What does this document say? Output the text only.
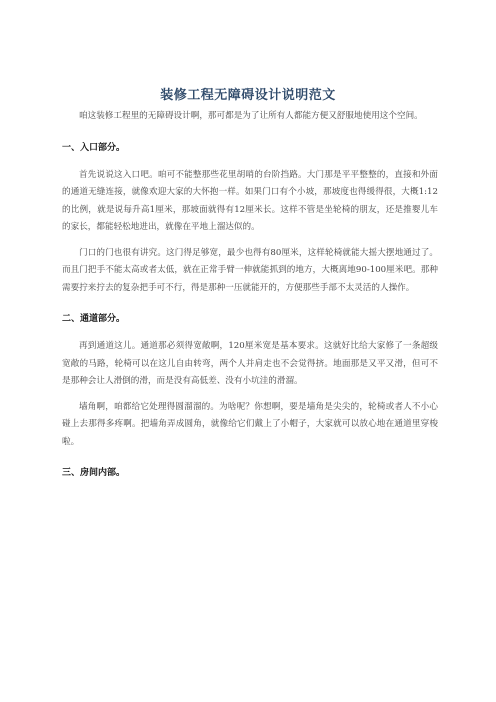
装修工程无障碍设计说明范文

咱这装修工程里的无障碍设计啊，那可都是为了让所有人都能方便又舒服地使用这个空间。

一、入口部分。

首先说说这入口吧。咱可不能整那些花里胡哨的台阶挡路。大门那是平平整整的，直接和外面的通道无缝连接，就像欢迎大家的大怀抱一样。如果门口有个小坡，那坡度也得缓得很，大概1:12的比例，就是说每升高1厘米，那坡面就得有12厘米长。这样不管是坐轮椅的朋友，还是推婴儿车的家长，都能轻松地进出，就像在平地上溜达似的。

门口的门也很有讲究。这门得足够宽，最少也得有80厘米，这样轮椅就能大摇大摆地通过了。而且门把手不能太高或者太低，就在正常手臂一伸就能抓到的地方，大概离地90-100厘米吧。那种需要拧来拧去的复杂把手可不行，得是那种一压就能开的，方便那些手部不太灵活的人操作。

二、通道部分。

再到通道这儿。通道那必须得宽敞啊，120厘米宽是基本要求。这就好比给大家修了一条超级宽敞的马路，轮椅可以在这儿自由转弯，两个人并肩走也不会觉得挤。地面那是又平又滑，但可不是那种会让人滑倒的滑，而是没有高低差、没有小坑洼的滑溜。

墙角啊，咱都给它处理得圆溜溜的。为啥呢？你想啊，要是墙角是尖尖的，轮椅或者人不小心碰上去那得多疼啊。把墙角弄成圆角，就像给它们戴上了小帽子，大家就可以放心地在通道里穿梭啦。

三、房间内部。
